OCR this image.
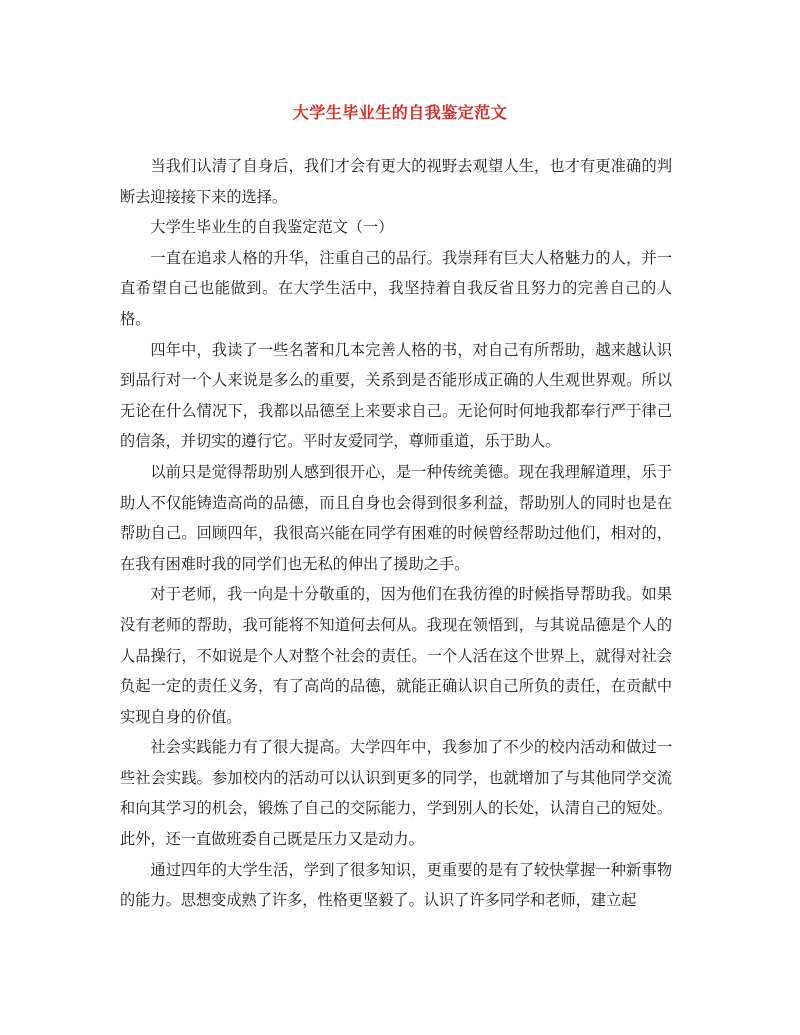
大学生毕业生的自我鉴定范文

当我们认清了自身后，我们才会有更大的视野去观望人生，也才有更准确的判断去迎接接下来的选择。

大学生毕业生的自我鉴定范文（一）

一直在追求人格的升华，注重自己的品行。我崇拜有巨大人格魅力的人，并一直希望自己也能做到。在大学生活中，我坚持着自我反省且努力的完善自己的人格。

四年中，我读了一些名著和几本完善人格的书，对自己有所帮助，越来越认识到品行对一个人来说是多么的重要，关系到是否能形成正确的人生观世界观。所以无论在什么情况下，我都以品德至上来要求自己。无论何时何地我都奉行严于律己的信条，并切实的遵行它。平时友爱同学，尊师重道，乐于助人。

以前只是觉得帮助别人感到很开心，是一种传统美德。现在我理解道理，乐于助人不仅能铸造高尚的品德，而且自身也会得到很多利益，帮助别人的同时也是在帮助自己。回顾四年，我很高兴能在同学有困难的时候曾经帮助过他们，相对的，在我有困难时我的同学们也无私的伸出了援助之手。

对于老师，我一向是十分敬重的，因为他们在我彷徨的时候指导帮助我。如果没有老师的帮助，我可能将不知道何去何从。我现在领悟到，与其说品德是个人的人品操行，不如说是个人对整个社会的责任。一个人活在这个世界上，就得对社会负起一定的责任义务，有了高尚的品德，就能正确认识自己所负的责任，在贡献中实现自身的价值。

社会实践能力有了很大提高。大学四年中，我参加了不少的校内活动和做过一些社会实践。参加校内的活动可以认识到更多的同学，也就增加了与其他同学交流和向其学习的机会，锻炼了自己的交际能力，学到别人的长处，认清自己的短处。此外，还一直做班委自己既是压力又是动力。

通过四年的大学生活，学到了很多知识，更重要的是有了较快掌握一种新事物的能力。思想变成熟了许多，性格更坚毅了。认识了许多同学和老师，建立起
